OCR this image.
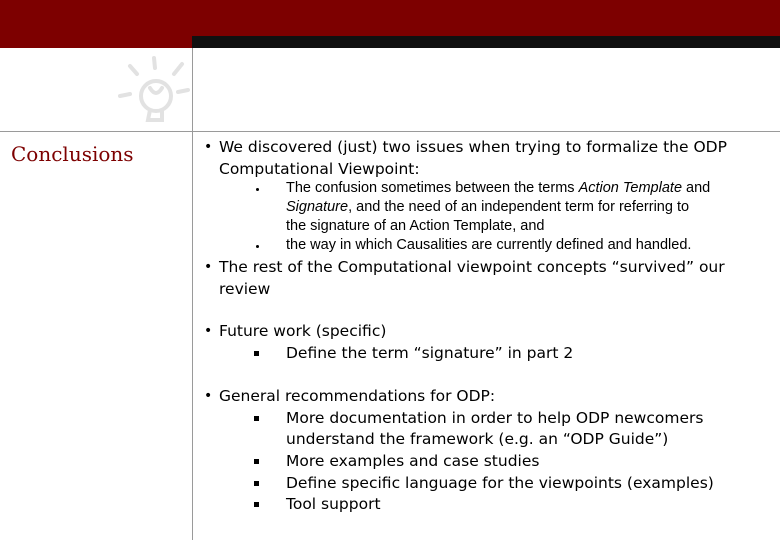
Conclusions	• We discovered (just) two issues when trying to formalize the ODP
Computational Viewpoint:
The confusion sometimes between the terms Action Template and
Signature, and the need of an independent term for referring to
the signature of an Action Template, and
the way in which Causalities are currently defined and handled.
• The rest of the Computational viewpoint concepts “survived” our
review
• Future work (specific)
Define the term “signature” in part 2
• General recommendations for ODP:
More documentation in order to help ODP newcomers
understand the framework (e.g. an “ODP Guide”)
More examples and case studies
Define specific language for the viewpoints (examples)
Tool support
